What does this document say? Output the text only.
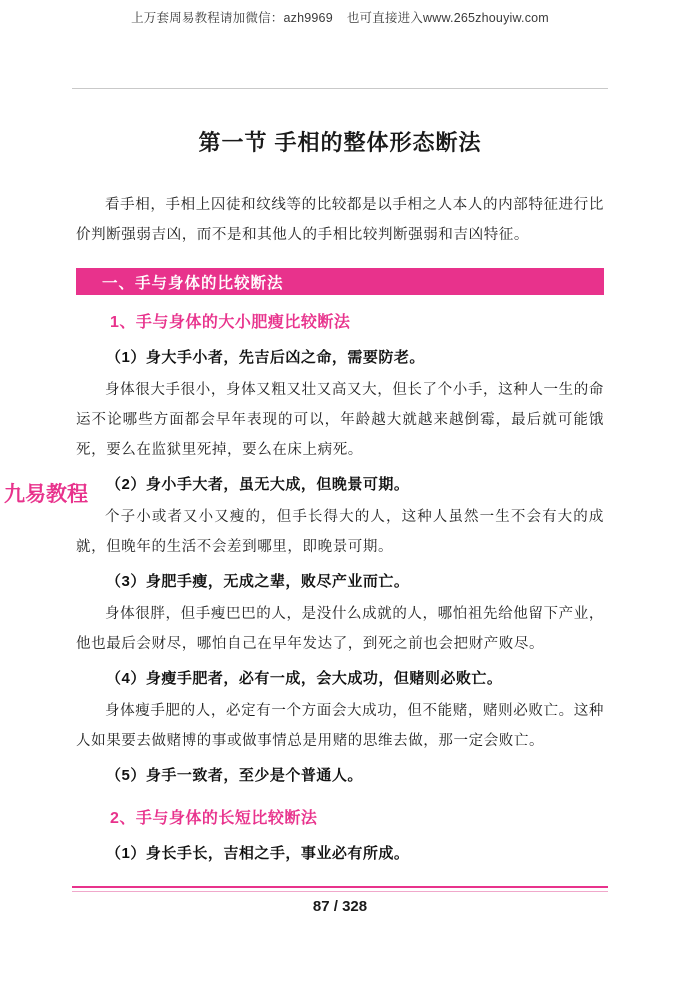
上万套周易教程请加微信：azh9969 也可直接进入www.265zhouyiw.com
第一节 手相的整体形态断法

看手相，手相上囚徒和纹线等的比较都是以手相之人本人的内部特征进行比价判断强弱吉凶，而不是和其他人的手相比较判断强弱和吉凶特征。

一、手与身体的比较断法
1、手与身体的大小肥瘦比较断法
（1）身大手小者，先吉后凶之命，需要防老。

身体很大手很小，身体又粗又壮又高又大，但长了个小手，这种人一生的命运不论哪些方面都会早年表现的可以，年龄越大就越来越倒霉，最后就可能饿死，要么在监狱里死掉，要么在床上病死。

（2）身小手大者，虽无大成，但晚景可期。

个子小或者又小又瘦的，但手长得大的人，这种人虽然一生不会有大的成就，但晚年的生活不会差到哪里，即晚景可期。

（3）身肥手瘦，无成之辈，败尽产业而亡。

身体很胖，但手瘦巴巴的人，是没什么成就的人，哪怕祖先给他留下产业，他也最后会财尽，哪怕自己在早年发达了，到死之前也会把财产败尽。

（4）身瘦手肥者，必有一成，会大成功，但赌则必败亡。

身体瘦手肥的人，必定有一个方面会大成功，但不能赌，赌则必败亡。这种人如果要去做赌博的事或做事情总是用赌的思维去做，那一定会败亡。

（5）身手一致者，至少是个普通人。
2、手与身体的长短比较断法
（1）身长手长，吉相之手，事业必有所成。
九易教程
87 / 328
